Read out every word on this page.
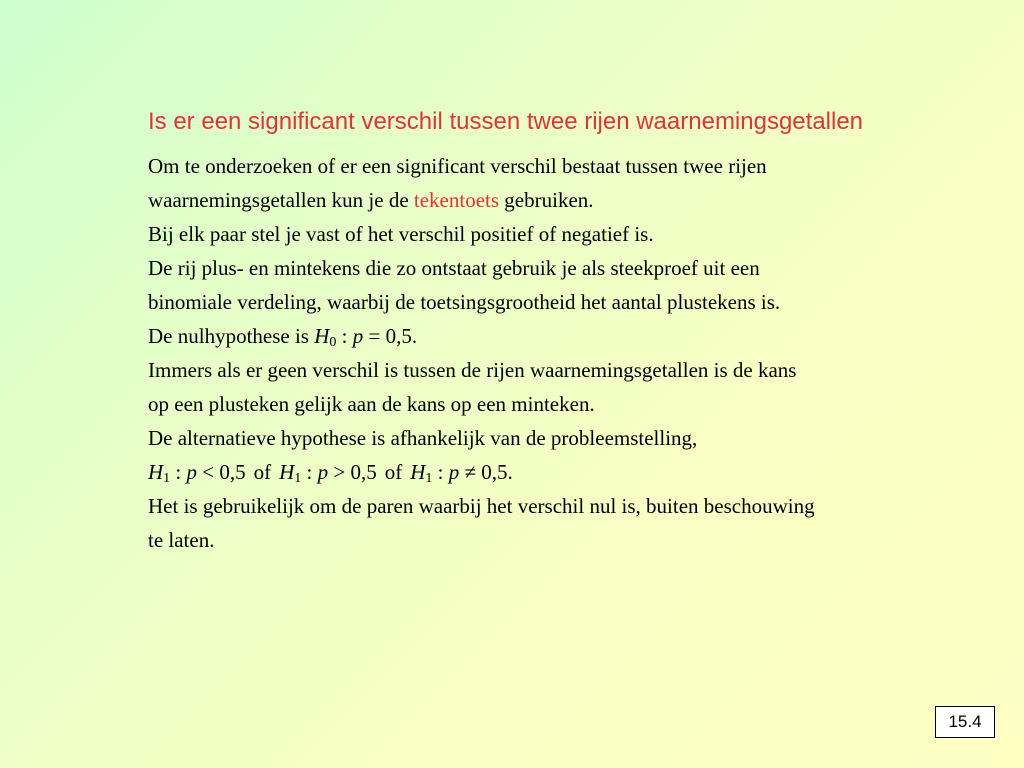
Is er een significant verschil tussen twee rijen waarnemingsgetallen
Om te onderzoeken of er een significant verschil bestaat tussen twee rijen
waarnemingsgetallen kun je de tekentoets gebruiken.
Bij elk paar stel je vast of het verschil positief of negatief is.
De rij plus- en mintekens die zo ontstaat gebruik je als steekproef uit een
binomiale verdeling, waarbij de toetsingsgrootheid het aantal plustekens is.
De nulhypothese is $H_0$ : p = 0,5.
Immers als er geen verschil is tussen de rijen waarnemingsgetallen is de kans
op een plusteken gelijk aan de kans op een minteken.
De alternatieve hypothese is afhankelijk van de probleemstelling,
$H_1$ : p < 0,5 of $H_1$ : p > 0,5 of $H_1$ : p ≠ 0,5.
Het is gebruikelijk om de paren waarbij het verschil nul is, buiten beschouwing
te laten.
15.4
